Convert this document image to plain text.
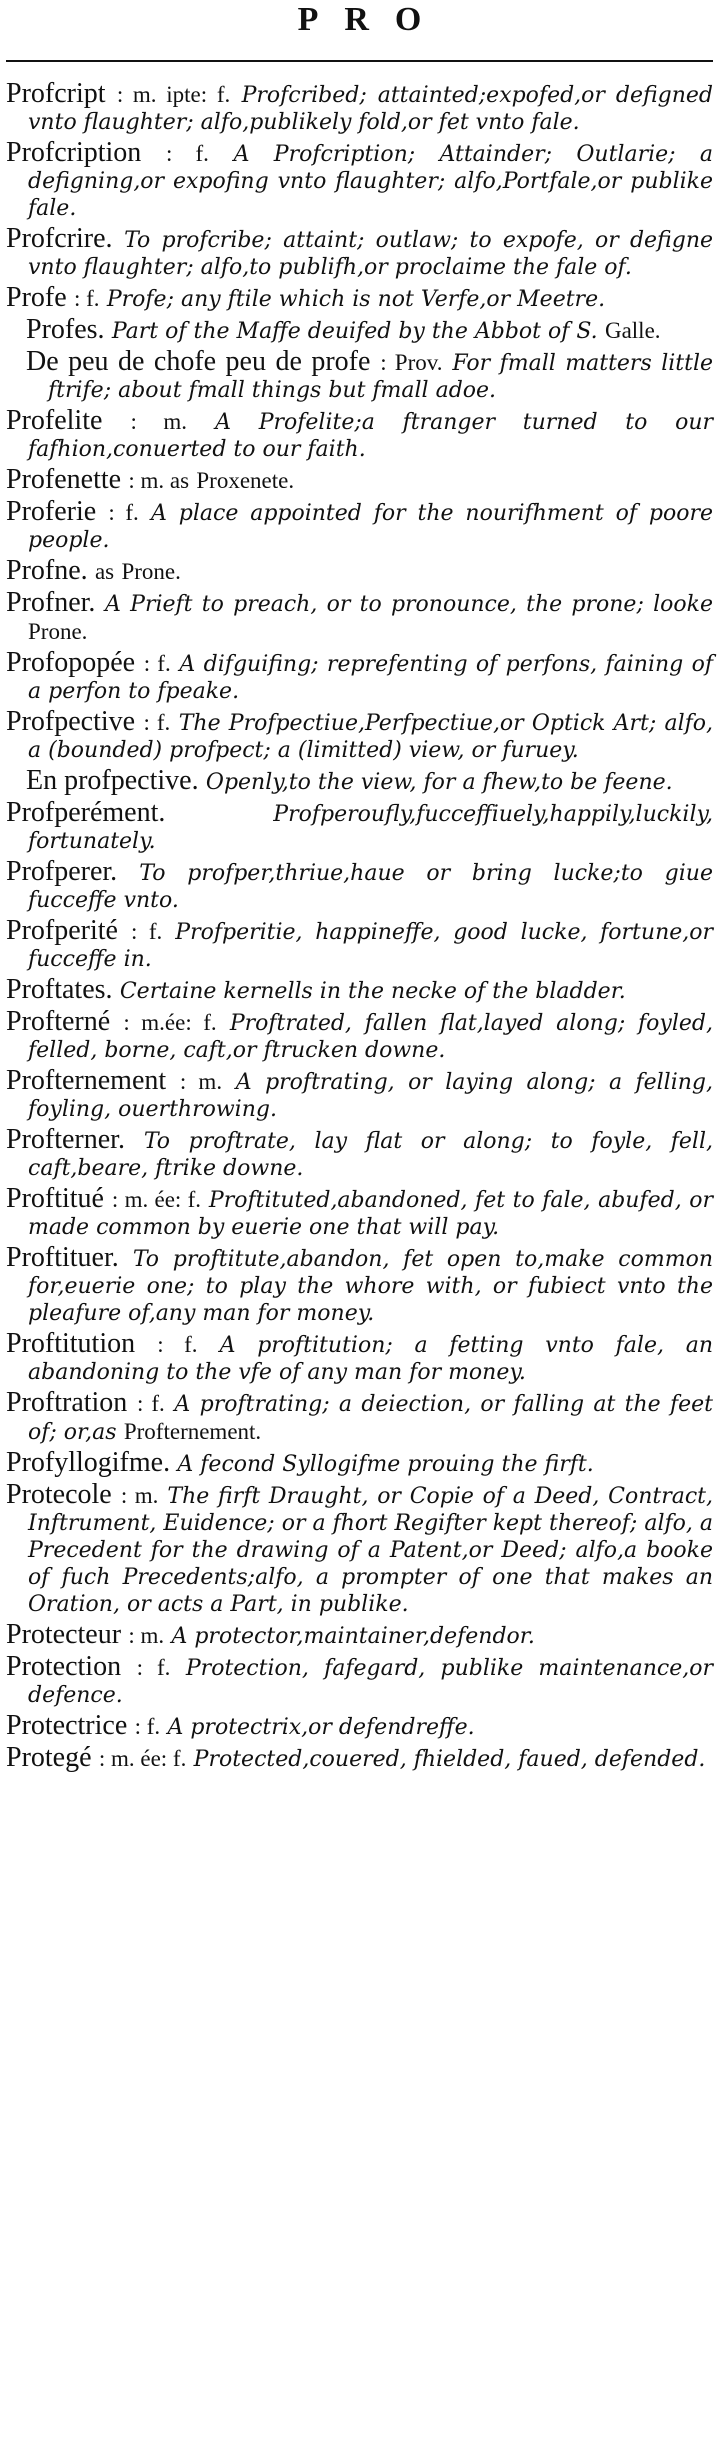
PRO

Profcript : m. ipte: f. Profcribed; attainted;expofed,or defigned vnto flaughter; alfo,publikely fold,or fet vnto fale.

Profcription : f. A Profcription; Attainder; Outlarie; a defigning,or expofing vnto flaughter; alfo,Portfale,or publike fale.

Profcrire. To profcribe; attaint; outlaw; to expofe, or defigne vnto flaughter; alfo,to publifh,or proclaime the fale of.

Profe : f. Profe; any ftile which is not Verfe,or Meetre.

Profes. Part of the Maffe deuifed by the Abbot of S. Galle.

De peu de chofe peu de profe : Prov. For fmall matters little ftrife; about fmall things but fmall adoe.

Profelite : m. A Profelite;a ftranger turned to our fafhion,conuerted to our faith.

Profenette : m. as Proxenete.

Proferie : f. A place appointed for the nourifhment of poore people.

Profne. as Prone.

Profner. A Prieft to preach, or to pronounce, the prone; looke Prone.

Profopopée : f. A difguifing; reprefenting of perfons, faining of a perfon to fpeake.

Profpective : f. The Profpectiue,Perfpectiue,or Optick Art; alfo, a (bounded) profpect; a (limitted) view, or furuey.

En profpective. Openly,to the view, for a fhew,to be feene.

Profperément.	Profperoufly,fucceffiuely,happily,luckily, fortunately.

Profperer. To profper,thriue,haue or bring lucke;to giue fucceffe vnto.

Profperité : f. Profperitie, happineffe, good lucke, fortune,or fucceffe in.

Proftates. Certaine kernells in the necke of the bladder.

Profterné : m.ée: f. Proftrated, fallen flat,layed along; foyled, felled, borne, caft,or ftrucken downe.

Profternement : m. A proftrating, or laying along; a felling, foyling, ouerthrowing.

Profterner. To proftrate, lay flat or along; to foyle, fell, caft,beare, ftrike downe.

Proftitué : m. ée: f. Proftituted,abandoned, fet to fale, abufed, or made common by euerie one that will pay.

Proftituer. To proftitute,abandon, fet open to,make common for,euerie one; to play the whore with, or fubiect vnto the pleafure of,any man for money.

Proftitution : f. A proftitution; a fetting vnto fale, an abandoning to the vfe of any man for money.

Proftration : f. A proftrating; a deiection, or falling at the feet of; or,as Profternement.

Profyllogifme. A fecond Syllogifme prouing the firft.

Protecole : m. The firft Draught, or Copie of a Deed, Contract, Inftrument, Euidence; or a fhort Regifter kept thereof; alfo, a Precedent for the drawing of a Patent,or Deed; alfo,a booke of fuch Precedents;alfo, a prompter of one that makes an Oration, or acts a Part, in publike.

Protecteur : m. A protector,maintainer,defendor.

Protection : f. Protection, fafegard, publike maintenance,or defence.

Protectrice : f. A protectrix,or defendreffe.

Protegé : m. ée: f. Protected,couered, fhielded, faued, defended.
